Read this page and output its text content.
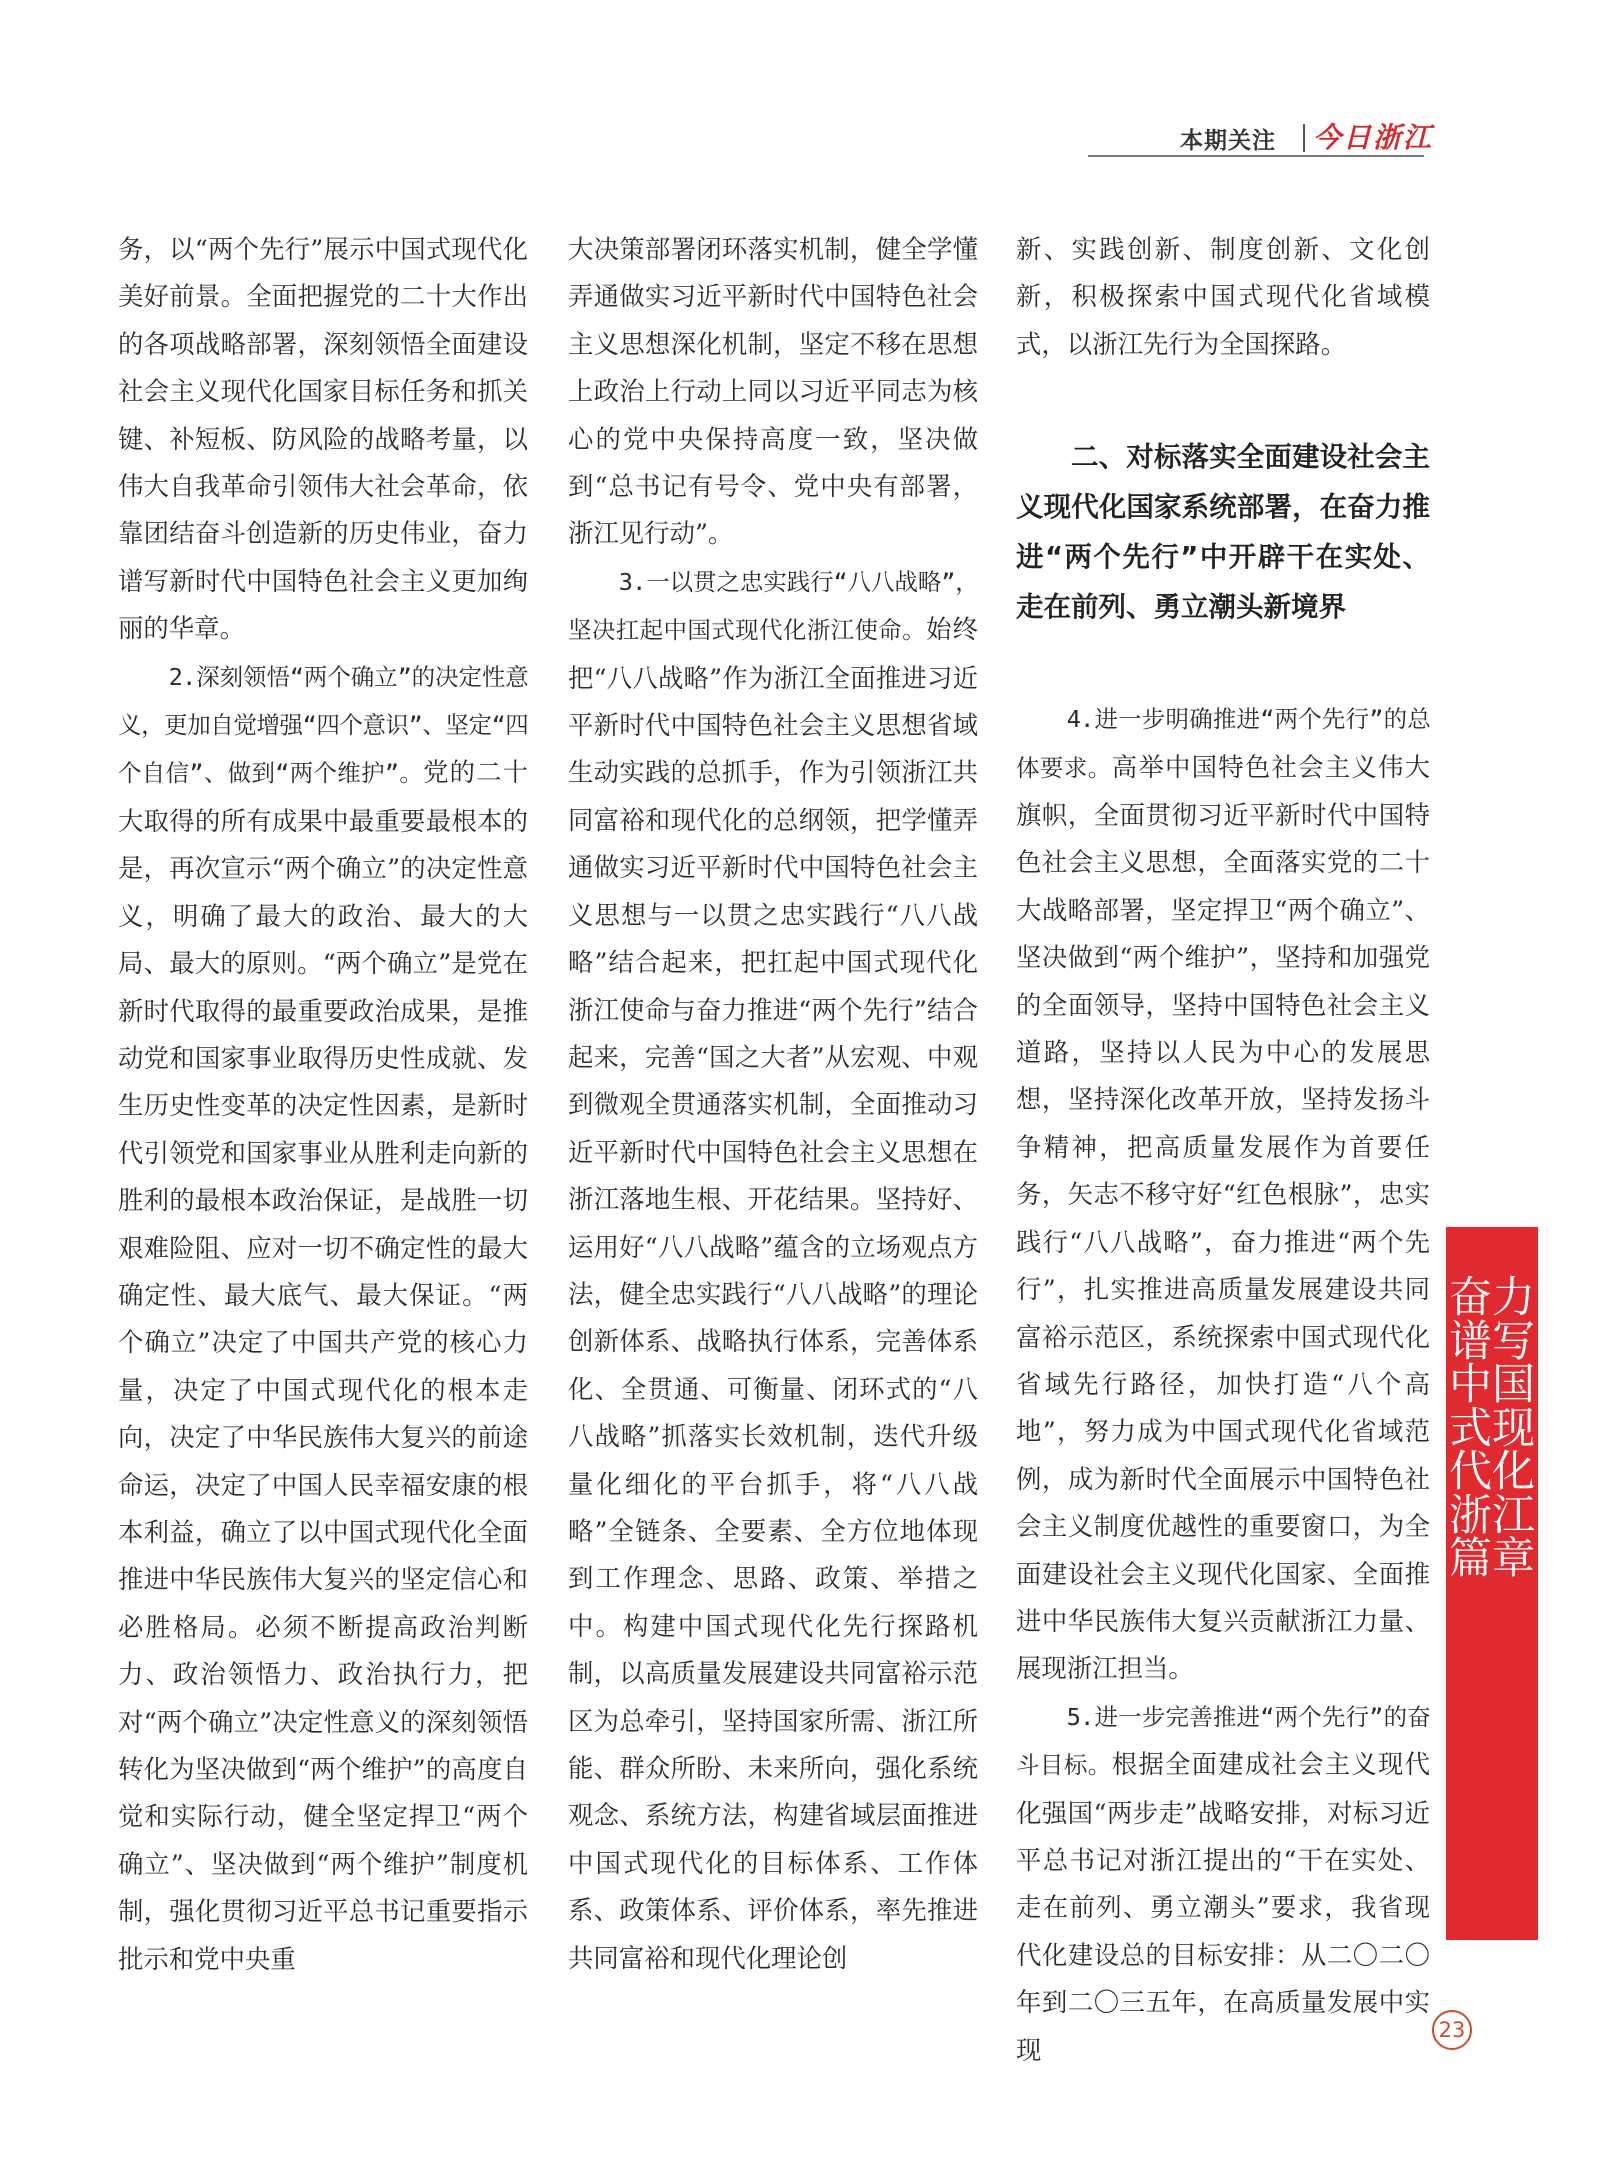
本期关注 今日浙江

务，以“两个先行”展示中国式现代化美好前景。全面把握党的二十大作出的各项战略部署，深刻领悟全面建设社会主义现代化国家目标任务和抓关键、补短板、防风险的战略考量，以伟大自我革命引领伟大社会革命，依靠团结奋斗创造新的历史伟业，奋力谱写新时代中国特色社会主义更加绚丽的华章。

2.深刻领悟“两个确立”的决定性意义，更加自觉增强“四个意识”、坚定“四个自信”、做到“两个维护”。党的二十大取得的所有成果中最重要最根本的是，再次宣示“两个确立”的决定性意义，明确了最大的政治、最大的大局、最大的原则。“两个确立”是党在新时代取得的最重要政治成果，是推动党和国家事业取得历史性成就、发生历史性变革的决定性因素，是新时代引领党和国家事业从胜利走向新的胜利的最根本政治保证，是战胜一切艰难险阻、应对一切不确定性的最大确定性、最大底气、最大保证。“两个确立”决定了中国共产党的核心力量，决定了中国式现代化的根本走向，决定了中华民族伟大复兴的前途命运，决定了中国人民幸福安康的根本利益，确立了以中国式现代化全面推进中华民族伟大复兴的坚定信心和必胜格局。必须不断提高政治判断力、政治领悟力、政治执行力，把对“两个确立”决定性意义的深刻领悟转化为坚决做到“两个维护”的高度自觉和实际行动，健全坚定捍卫“两个确立”、坚决做到“两个维护”制度机制，强化贯彻习近平总书记重要指示批示和党中央重

大决策部署闭环落实机制，健全学懂弄通做实习近平新时代中国特色社会主义思想深化机制，坚定不移在思想上政治上行动上同以习近平同志为核心的党中央保持高度一致，坚决做到“总书记有号令、党中央有部署，浙江见行动”。

3.一以贯之忠实践行“八八战略”，坚决扛起中国式现代化浙江使命。始终把“八八战略”作为浙江全面推进习近平新时代中国特色社会主义思想省域生动实践的总抓手，作为引领浙江共同富裕和现代化的总纲领，把学懂弄通做实习近平新时代中国特色社会主义思想与一以贯之忠实践行“八八战略”结合起来，把扛起中国式现代化浙江使命与奋力推进“两个先行”结合起来，完善“国之大者”从宏观、中观到微观全贯通落实机制，全面推动习近平新时代中国特色社会主义思想在浙江落地生根、开花结果。坚持好、运用好“八八战略”蕴含的立场观点方法，健全忠实践行“八八战略”的理论创新体系、战略执行体系，完善体系化、全贯通、可衡量、闭环式的“八八战略”抓落实长效机制，迭代升级量化细化的平台抓手，将“八八战略”全链条、全要素、全方位地体现到工作理念、思路、政策、举措之中。构建中国式现代化先行探路机制，以高质量发展建设共同富裕示范区为总牵引，坚持国家所需、浙江所能、群众所盼、未来所向，强化系统观念、系统方法，构建省域层面推进中国式现代化的目标体系、工作体系、政策体系、评价体系，率先推进共同富裕和现代化理论创

新、实践创新、制度创新、文化创新，积极探索中国式现代化省域模式，以浙江先行为全国探路。

二、对标落实全面建设社会主义现代化国家系统部署，在奋力推进“两个先行”中开辟干在实处、走在前列、勇立潮头新境界

4.进一步明确推进“两个先行”的总体要求。高举中国特色社会主义伟大旗帜，全面贯彻习近平新时代中国特色社会主义思想，全面落实党的二十大战略部署，坚定捍卫“两个确立”、坚决做到“两个维护”，坚持和加强党的全面领导，坚持中国特色社会主义道路，坚持以人民为中心的发展思想，坚持深化改革开放，坚持发扬斗争精神，把高质量发展作为首要任务，矢志不移守好“红色根脉”，忠实践行“八八战略”，奋力推进“两个先行”，扎实推进高质量发展建设共同富裕示范区，系统探索中国式现代化省域先行路径，加快打造“八个高地”，努力成为中国式现代化省域范例，成为新时代全面展示中国特色社会主义制度优越性的重要窗口，为全面建设社会主义现代化国家、全面推进中华民族伟大复兴贡献浙江力量、展现浙江担当。

5.进一步完善推进“两个先行”的奋斗目标。根据全面建成社会主义现代化强国“两步走”战略安排，对标习近平总书记对浙江提出的“干在实处、走在前列、勇立潮头”要求，我省现代化建设总的目标安排：从二〇二〇年到二〇三五年，在高质量发展中实现

奋力谱写中国式现代化浙江篇章
23
